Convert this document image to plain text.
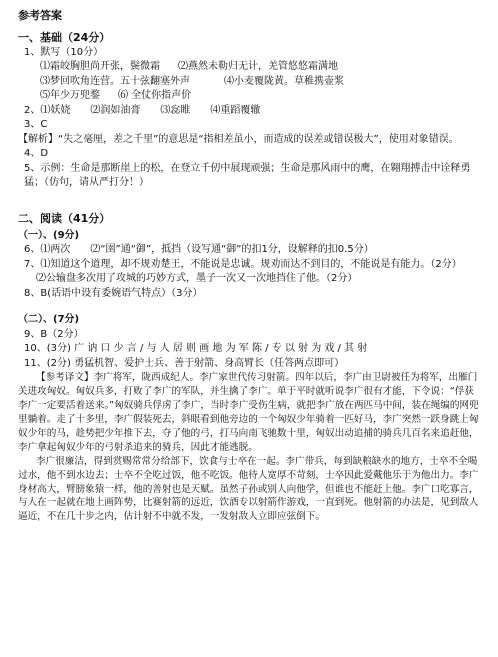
参考答案
一、基础（24分）
1、默写（10分）
⑴霜皎胸胆尚开张，鬓微霜 ⑵燕然未勒归无计，羌管悠悠霜满地
⑶梦回吹角连营。五十弦翻塞外声	⑷小麦覆陇黄。草稚携壶浆
⑸年少万兜鍪 ⑹ 全仗你指声价
2、⑴妖娆　　⑵润如油膏　　⑶惢睢　　⑷重蹈覆辙
3、C
【解析】“失之毫厘，差之千里”的意思是“指相差虽小，而造成的误差或错误极大”，使用对象错误。
4、D
5、示例：生命是那断崖上的松，在登立千仞中展现顽强；生命是那风雨中的鹰，在翱翔搏击中诠释勇猛；（仿句，请从严打分！）
二、阅读（41分）
（一）、(9分)
6、⑴两次　　⑵“圉”通“御”，抵挡（设写通“御”的扣1分，设解释的扣0.5分）
7、⑴知道这个道理，却不规劝楚王，不能说是忠诚。规劝而达不到目的，不能说是有能力。（2分）
⑵公输盘多次用了攻城的巧妙方式，墨子一次又一次地挡住了他。（2分）
8、B(话语中设有委婉语气特点）（3分）
（二）、(7分)
9、B（2分）
10、(3分) 广 讷 口 少 言 / 与 人 居 则 画 地 为 军 陈 / 专 以 射 为 戏 / 其 射
11、(2分) 勇猛机智、爱护士兵、善于射箭、身高臂长（任答两点即可）
【参考译文】李广将军，陇西成纪人。李广家世代传习射箭。四年以后，李广由卫尉被任为将军，出雁门关进攻匈奴。匈奴兵多，打败了李广的军队，并生擒了李广。单于平时就听说李广很有才能，下令说：“俘获李广一定要活着送来。”匈奴骑兵俘虏了李广，当时李广受伤生病，就把李广放在两匹马中间，装在绳编的网兜里躺着。走了十多里，李广假装死去，斜眼看到他旁边的一个匈奴少年骑着一匹好马，李广突然一跃身跳上匈奴少年的马，趁势把少年推下去，夺了他的弓，打马向南飞驰数十里，匈奴出动追捕的骑兵几百名来追赶他，李广拿起匈奴少年的弓射杀追来的骑兵，因此才能逃脱。
李广很廉洁，得到赏赐常常分给部下，饮食与士卒在一起。李广带兵，每到缺粮缺水的地方，士卒不全喝过水，他不到水边去；士卒不全吃过饭，他不吃饭。他待人宽厚不苛刻，士卒因此爱戴他乐于为他出力。李广身材高大，臂膀象猿一样，他的善射也是天赋。虽然子孙或别人向他学，但谁也不能赶上他。李广口吃寡言，与人在一起就在地上画阵势，比赛射箭的远近，饮酒专以射箭作游戏，一直到死。他射箭的办法是，见到敌人逼近，不在几十步之内，估计射不中就不发，一发射敌人立即应弦倒下。
